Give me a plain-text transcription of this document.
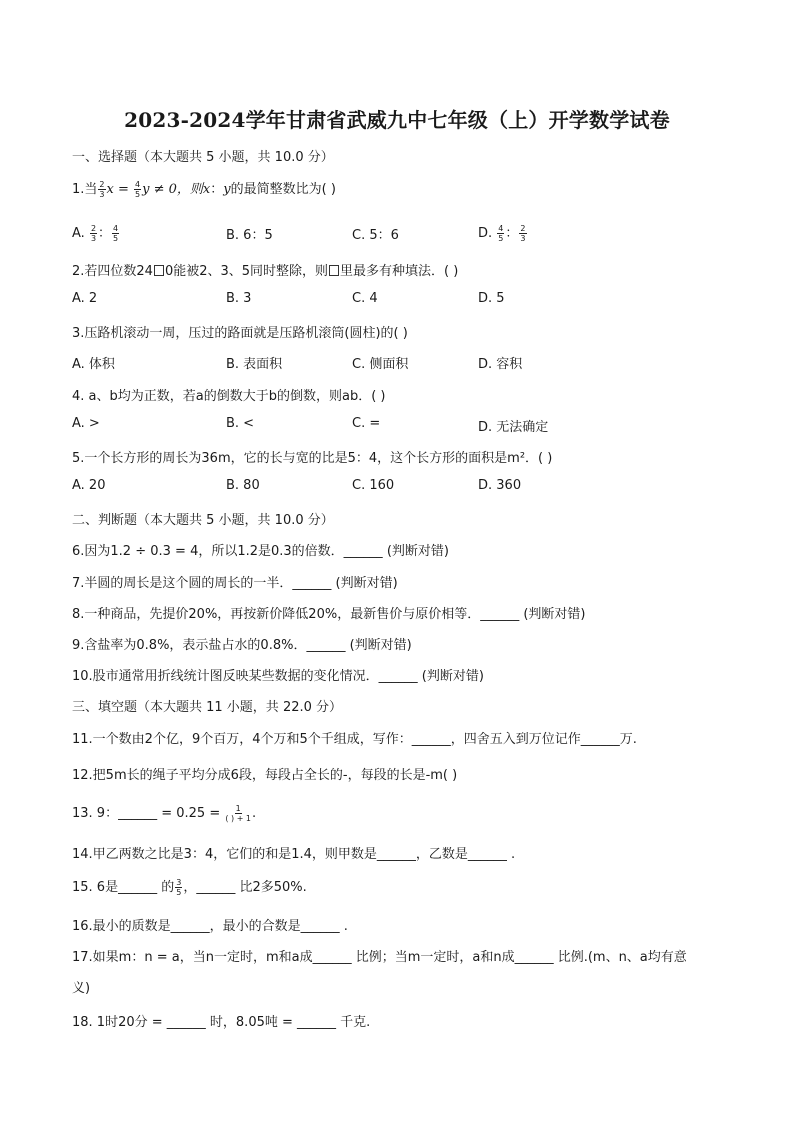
2023-2024学年甘肃省武威九中七年级（上）开学数学试卷
一、选择题（本大题共 5 小题，共 10.0 分）
1.当 $\frac{2}{3}$ $x = \frac{4}{5}$ y ≠ 0，则x：y的最简整数比为( )
A. $\frac{2}{3}$ ： $\frac{4}{5}$	B. 6：5	C. 5：6	D. $\frac{4}{5}$ ： $\frac{2}{3}$
2.若四位数24 0能被2、3、5同时整除，则 里最多有种填法．( )
A. 2	B. 3	C. 4	D. 5
3.压路机滚动一周，压过的路面就是压路机滚筒(圆柱)的( )
A. 体积	B. 表面积	C. 侧面积	D. 容积
4. a、b均为正数，若a的倒数大于b的倒数，则ab．( )
A. >	B. <	C. =	D. 无法确定
5.一个长方形的周长为36m，它的长与宽的比是5：4，这个长方形的面积是m²．( )
A. 20	B. 80	C. 160	D. 360
二、判断题（本大题共 5 小题，共 10.0 分）
6.因为1.2 ÷ 0.3 = 4，所以1.2是0.3的倍数．______ (判断对错)
7.半圆的周长是这个圆的周长的一半．______ (判断对错)
8.一种商品，先提价20%，再按新价降低20%，最新售价与原价相等．______ (判断对错)
9.含盐率为0.8%，表示盐占水的0.8%．______ (判断对错)
10.股市通常用折线统计图反映某些数据的变化情况．______ (判断对错)
三、填空题（本大题共 11 小题，共 22.0 分）
11.一个数由2个亿，9个百万，4个万和5个千组成，写作：______，四舍五入到万位记作______万.
12.把5m长的绳子平均分成6段，每段占全长的-，每段的长是-m( )
13. 9：______ = $0.25 = \frac{1}{( ) + 1}$ .
14.甲乙两数之比是3：4，它们的和是1.4，则甲数是______，乙数是______ .
15. 6是______ 的 $\frac{3}{5}$ ，______ 比2多50%.
16.最小的质数是______，最小的合数是______ .
17.如果m：n = a，当n一定时，m和a成______ 比例；当m一定时，a和n成______ 比例.(m、n、a均有意
义)
18. 1时20分 = ______ 时，8.05吨 = ______ 千克.
